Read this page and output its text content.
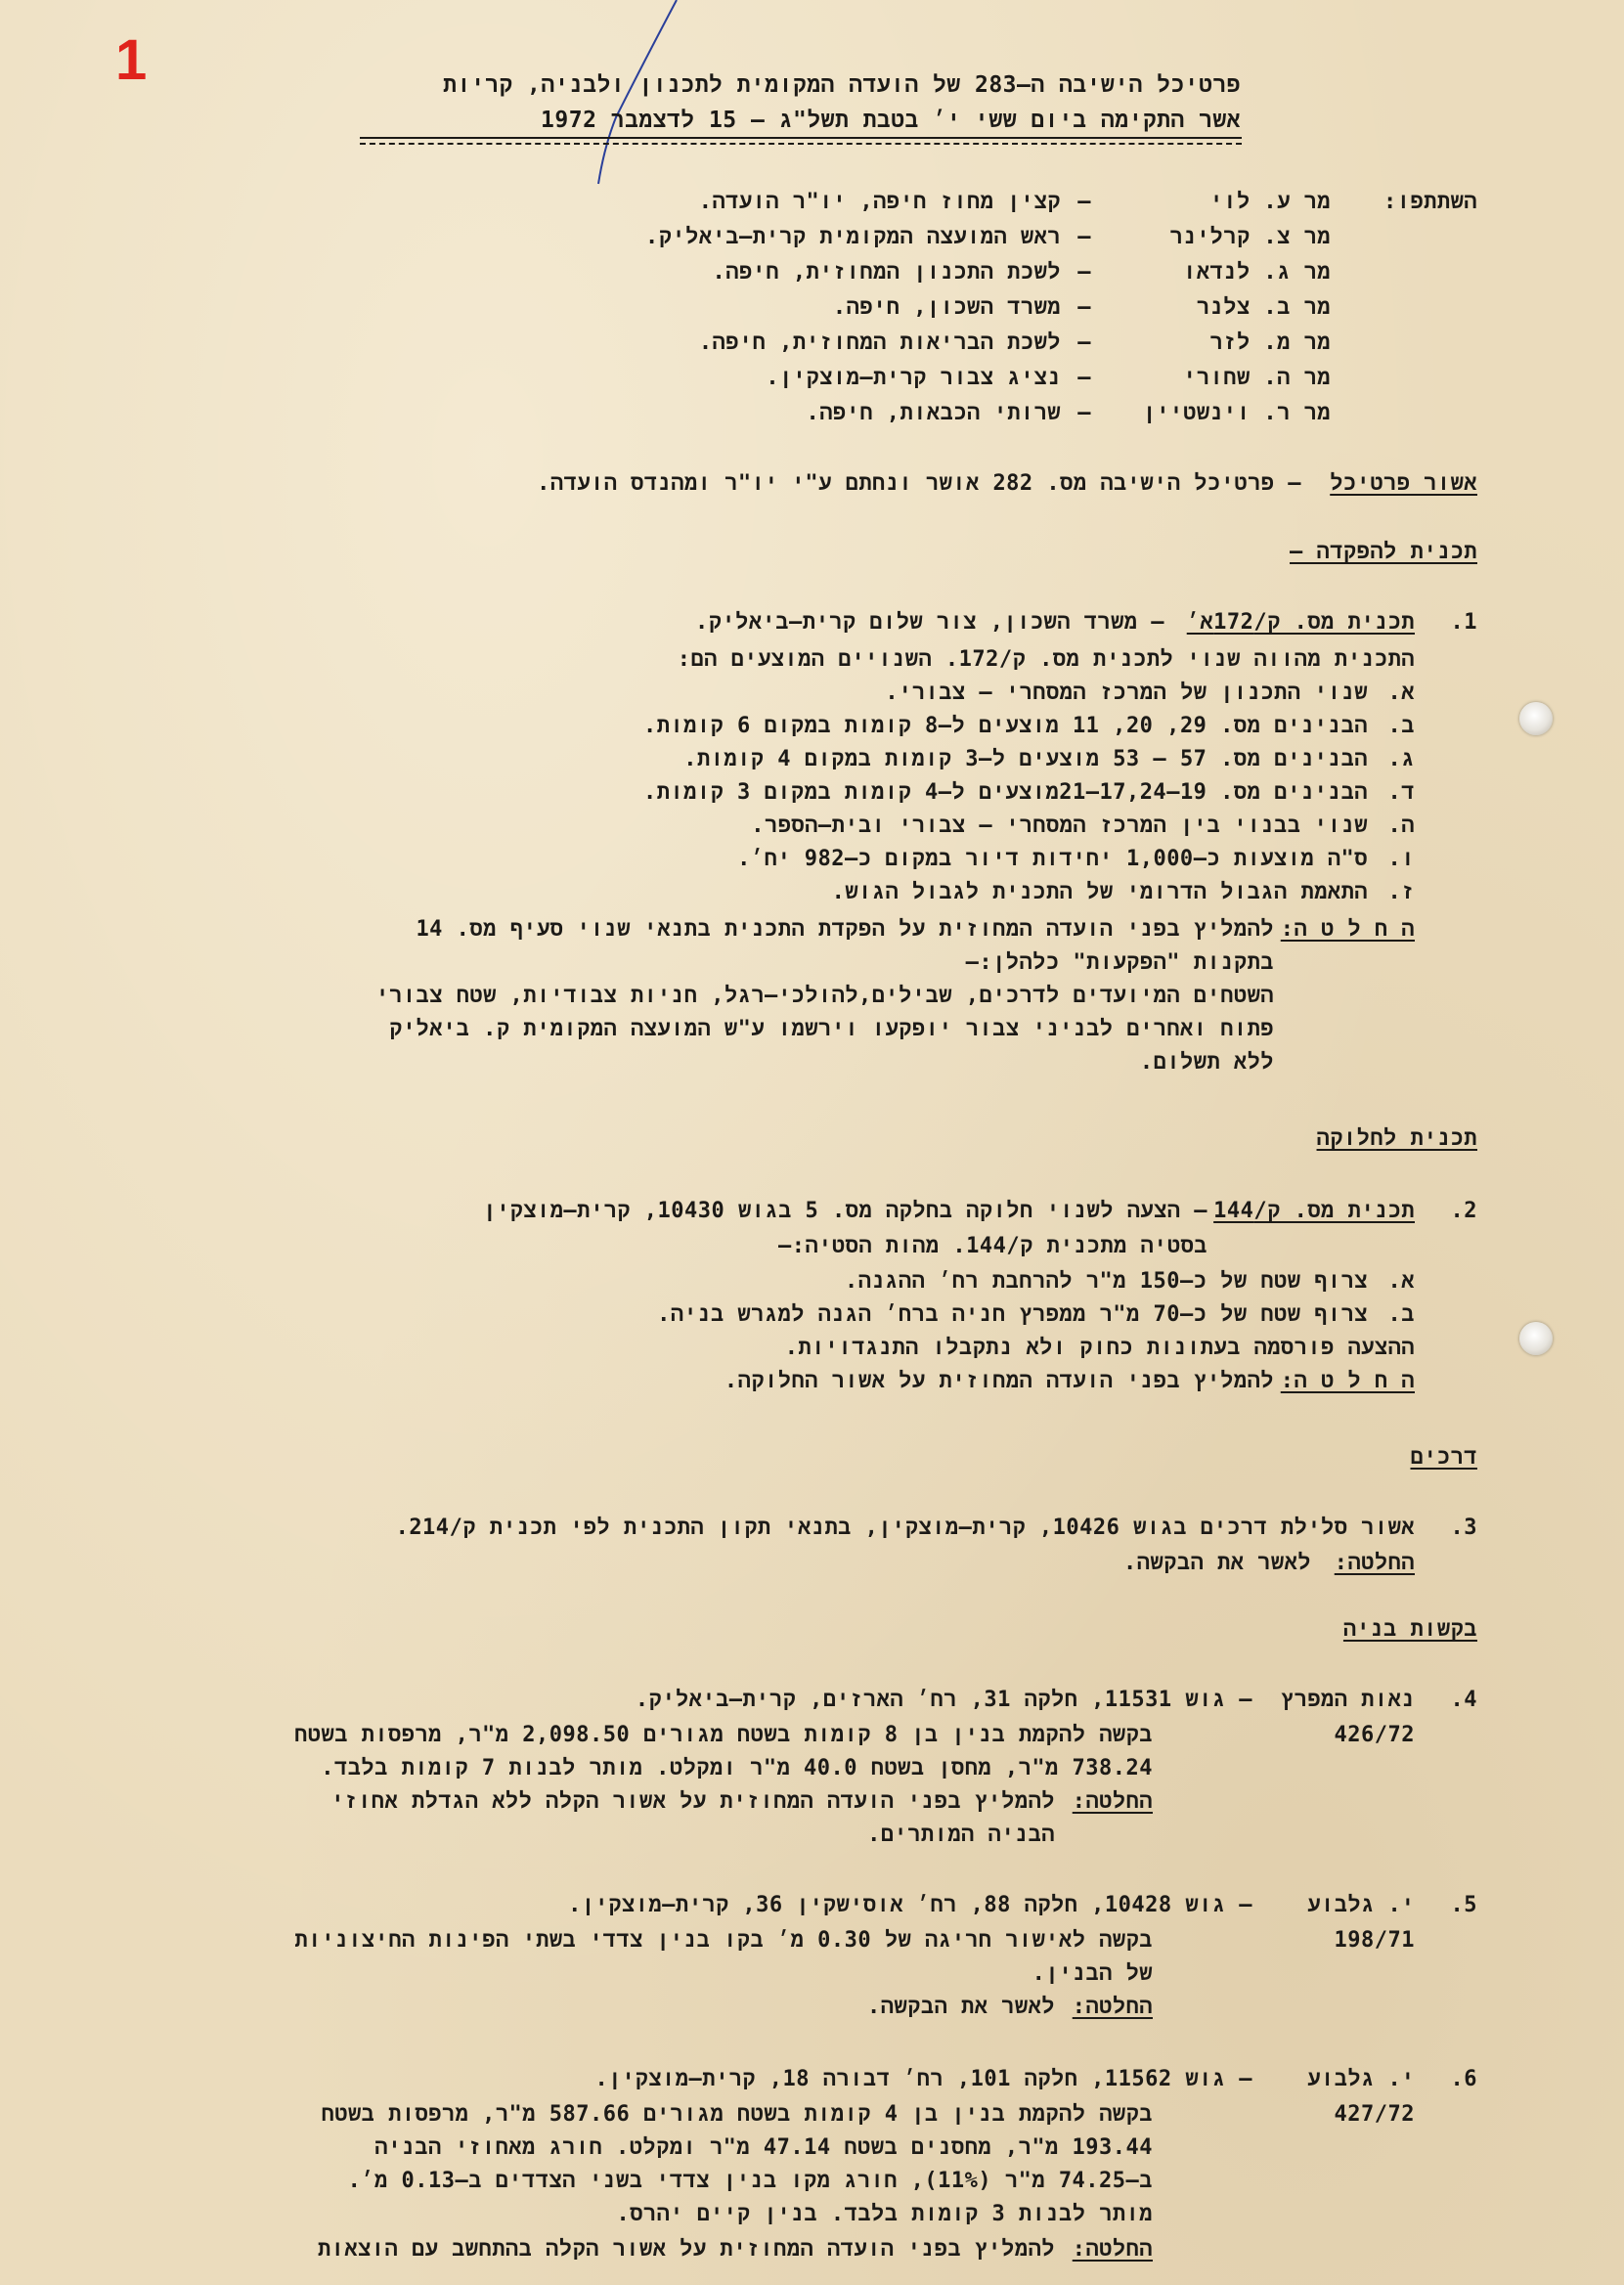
1	פרטיכל הישיבה ה–283 של הועדה המקומית לתכנון ולבניה, קריות
אשר התקימה ביום ששי י׳ בטבת תשל"ג – 15 לדצמבר 1972
השתתפו:
מר ע. לוי
קצין מחוז חיפה, יו"ר הועדה. –
מר צ. קרלינר
ראש המועצה המקומית קרית–ביאליק. –
מר ג. לנדאו
לשכת התכנון המחוזית, חיפה. –
מר ב. צלנר
משרד השכון, חיפה. –
מר מ. לזר
לשכת הבריאות המחוזית, חיפה. –
מר ה. שחורי
נציג צבור קרית–מוצקין. –
מר ר. וינשטיין
שרותי הכבאות, חיפה. –
אשור פרטיכל
– פרטיכל הישיבה מס. 282 אושר ונחתם ע"י יו"ר ומהנדס הועדה.
תכנית להפקדה –
1.
תכנית מס. ק/172א׳
– משרד השכון, צור שלום קרית–ביאליק.
התכנית מהווה שנוי לתכנית מס. ק/172. השנויים המוצעים הם:
א.
שנוי התכנון של המרכז המסחרי – צבורי.
ב.
הבנינים מס. 29, 20, 11 מוצעים ל–8 קומות במקום 6 קומות.
ג.
הבנינים מס. 57 – 53 מוצעים ל–3 קומות במקום 4 קומות.
ד.
הבנינים מס. 19–17,24–21מוצעים ל–4 קומות במקום 3 קומות.
ה.
שנוי בבנוי בין המרכז המסחרי – צבורי ובית–הספר.
ו.
ס"ה מוצעות כ–1,000 יחידות דיור במקום כ–982 יח׳.
ז.
התאמת הגבול הדרומי של התכנית לגבול הגוש.
ה ח ל ט ה:
להמליץ בפני הועדה המחוזית על הפקדת התכנית בתנאי שנוי סעיף מס. 14
בתקנות "הפקעות" כלהלן:–
השטחים המיועדים לדרכים, שבילים,להולכי–רגל, חניות צבודיות, שטח צבורי
פתוח ואחרים לבניני צבור יופקעו וירשמו ע"ש המועצה המקומית ק. ביאליק
ללא תשלום.
תכנית לחלוקה
2.
תכנית מס. ק/144
– הצעה לשנוי חלוקה בחלקה מס. 5 בגוש 10430, קרית–מוצקין
בסטיה מתכנית ק/144. מהות הסטיה:–
א.
צרוף שטח של כ–150 מ"ר להרחבת רח׳ ההגנה.
ב.
צרוף שטח של כ–70 מ"ר ממפרץ חניה ברח׳ הגנה למגרש בניה.
ההצעה פורסמה בעתונות כחוק ולא נתקבלו התנגדויות.
ה ח ל ט ה:
להמליץ בפני הועדה המחוזית על אשור החלוקה.
דרכים
3.
אשור סלילת דרכים בגוש 10426, קרית–מוצקין, בתנאי תקון התכנית לפי תכנית ק/214.
החלטה:
לאשר את הבקשה.
בקשות בניה
4.
נאות המפרץ
426/72
– גוש 11531, חלקה 31, רח׳ הארזים, קרית–ביאליק.
בקשה להקמת בנין בן 8 קומות בשטח מגורים 2,098.50 מ"ר, מרפסות בשטח
738.24 מ"ר, מחסן בשטח 40.0 מ"ר ומקלט. מותר לבנות 7 קומות בלבד.
החלטה:
להמליץ בפני הועדה המחוזית על אשור הקלה ללא הגדלת אחוזי
הבניה המותרים.
5.
י. גלבוע
198/71
– גוש 10428, חלקה 88, רח׳ אוסישקין 36, קרית–מוצקין.
בקשה לאישור חריגה של 0.30 מ׳ בקו בנין צדדי בשתי הפינות החיצוניות
של הבנין.
החלטה:
לאשר את הבקשה.
6.
י. גלבוע
427/72
– גוש 11562, חלקה 101, רח׳ דבורה 18, קרית–מוצקין.
בקשה להקמת בנין בן 4 קומות בשטח מגורים 587.66 מ"ר, מרפסות בשטח
193.44 מ"ר, מחסנים בשטח 47.14 מ"ר ומקלט. חורג מאחוזי הבניה
ב–74.25 מ"ר (11%), חורג מקו בנין צדדי בשני הצדדים ב–0.13 מ׳.
מותר לבנות 3 קומות בלבד. בנין קיים יהרס.
החלטה:
להמליץ בפני הועדה המחוזית על אשור הקלה בהתחשב עם הוצאות
